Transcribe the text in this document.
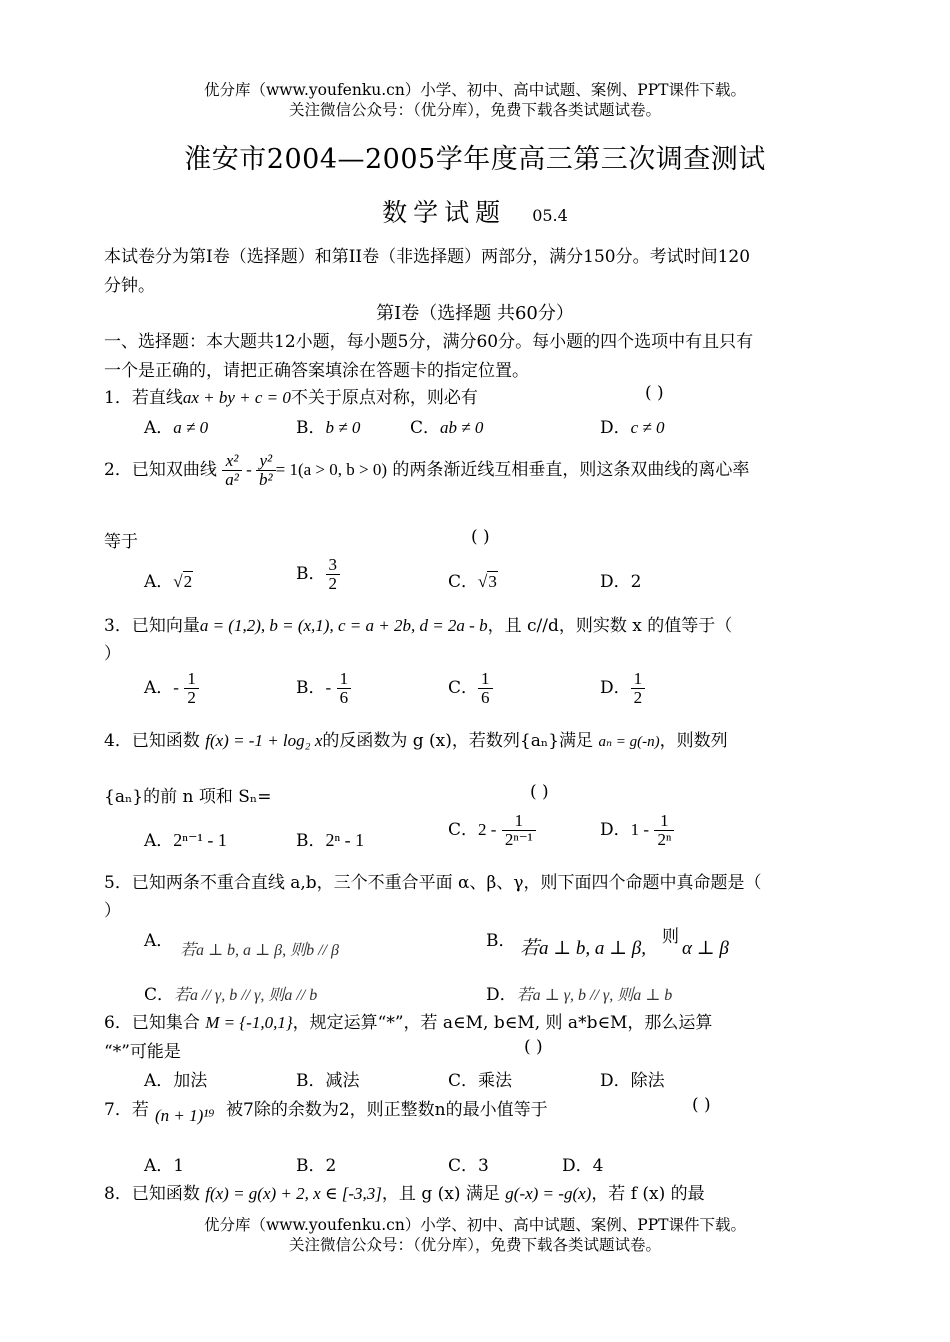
优分库（www.youfenku.cn）小学、初中、高中试题、案例、PPT课件下载。
关注微信公众号：（优分库），免费下载各类试题试卷。
淮安市2004—2005学年度高三第三次调查测试
数学试题 05.4
本试卷分为第I卷（选择题）和第II卷（非选择题）两部分，满分150分。考试时间120
分钟。
第I卷（选择题 共60分）
一、选择题：本大题共12小题，每小题5分，满分60分。每小题的四个选项中有且只有
一个是正确的，请把正确答案填涂在答题卡的指定位置。
1．若直线ax + by + c = 0不关于原点对称，则必有	( )
A．a ≠ 0	B．b ≠ 0	C．ab ≠ 0	D．c ≠ 0
2．已知双曲线 $\frac{\text{x²}}{\text{a²}} - \frac{\text{y²}}{\text{b²}} = 1(a > 0$, b > 0) 的两条渐近线互相垂直，则这条双曲线的离心率
等于	( )
A．√2	B． $\frac{3}{2}$	C．√3	D．2
3．已知向量a = (1,2), b = (x,1), c = a + 2b, d = 2a - b，且 c//d，则实数 x 的值等于（
）
A．- $\frac{1}{2}$	B．- $\frac{1}{6}$	C． $\frac{1}{6}$	D． $\frac{1}{2}$
4．已知函数 f(x) = -1 + log₂ x的反函数为 g (x)，若数列{aₙ}满足 aₙ = g(-n)，则数列
{aₙ}的前 n 项和 Sₙ=	( )
A．2ⁿ⁻¹ - 1	B．2ⁿ - 1
C．$2 - \frac{1}{\text{2ⁿ⁻¹}}$	D．$1 - \frac{1}{\text{2ⁿ}}$
5．已知两条不重合直线 a,b，三个不重合平面 α、β、γ，则下面四个命题中真命题是（
）
A． 若a ⊥ b, a ⊥ β, 则b // β	B． 若a ⊥ b, a ⊥ β,
则
α ⊥ β
C．若a // γ, b // γ, 则a // b	D．若a ⊥ γ, b // γ, 则a ⊥ b
6．已知集合 M = {-1,0,1}，规定运算“*”，若 a∈M, b∈M, 则 a*b∈M，那么运算
“*”可能是	( )
A．加法	B．减法	C．乘法	D．除法
7．若 (n + 1)¹⁹ 被7除的余数为2，则正整数n的最小值等于	( )
A．1	B．2	C．3	D．4
8．已知函数 f(x) = g(x) + 2, x ∈ [-3,3]，且 g (x) 满足 g(-x) = -g(x)，若 f (x) 的最
优分库（www.youfenku.cn）小学、初中、高中试题、案例、PPT课件下载。
关注微信公众号：（优分库），免费下载各类试题试卷。
